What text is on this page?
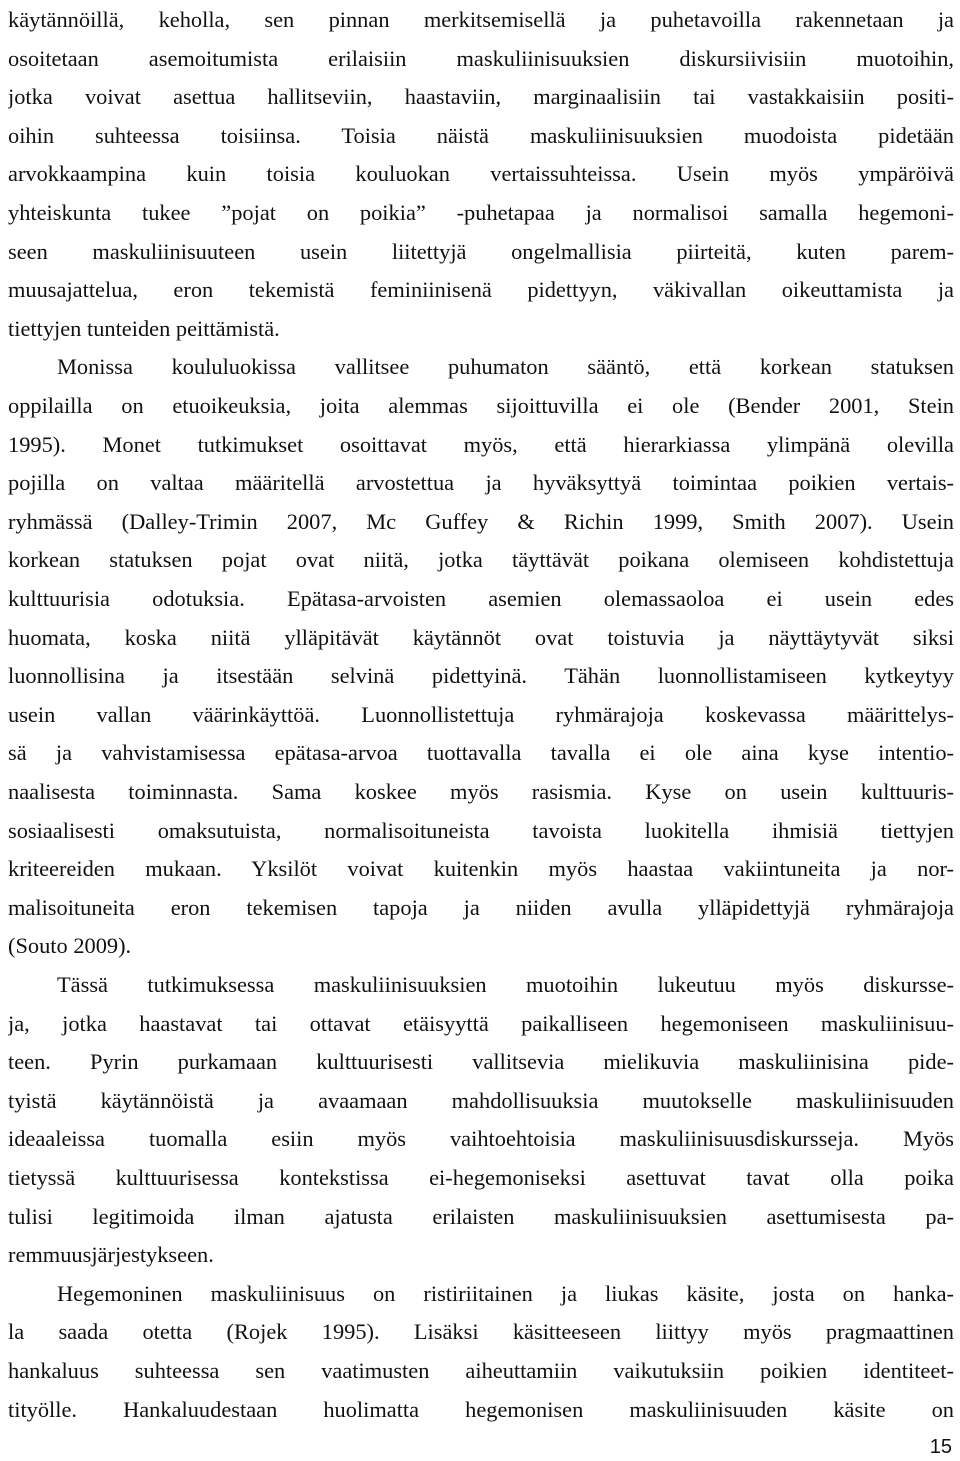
käytännöillä, keholla, sen pinnan merkitsemisellä ja puhetavoilla rakennetaan ja
osoitetaan asemoitumista erilaisiin maskuliinisuuksien diskursiivisiin muotoihin,
jotka voivat asettua hallitseviin, haastaviin, marginaalisiin tai vastakkaisiin positi-
oihin suhteessa toisiinsa. Toisia näistä maskuliinisuuksien muodoista pidetään
arvokkaampina kuin toisia kouluokan vertaissuhteissa. Usein myös ympäröivä
yhteiskunta tukee ”pojat on poikia” -puhetapaa ja normalisoi samalla hegemoni-
seen maskuliinisuuteen usein liitettyjä ongelmallisia piirteitä, kuten parem-
muusajattelua, eron tekemistä feminiinisenä pidettyyn, väkivallan oikeuttamista ja
tiettyjen tunteiden peittämistä.
Monissa koululuokissa vallitsee puhumaton sääntö, että korkean statuksen
oppilailla on etuoikeuksia, joita alemmas sijoittuvilla ei ole (Bender 2001, Stein
1995). Monet tutkimukset osoittavat myös, että hierarkiassa ylimpänä olevilla
pojilla on valtaa määritellä arvostettua ja hyväksyttyä toimintaa poikien vertais-
ryhmässä (Dalley-Trimin 2007, Mc Guffey & Richin 1999, Smith 2007). Usein
korkean statuksen pojat ovat niitä, jotka täyttävät poikana olemiseen kohdistettuja
kulttuurisia odotuksia. Epätasa-arvoisten asemien olemassaoloa ei usein edes
huomata, koska niitä ylläpitävät käytännöt ovat toistuvia ja näyttäytyvät siksi
luonnollisina ja itsestään selvinä pidettyinä. Tähän luonnollistamiseen kytkeytyy
usein vallan väärinkäyttöä. Luonnollistettuja ryhmärajoja koskevassa määrittelys-
sä ja vahvistamisessa epätasa-arvoa tuottavalla tavalla ei ole aina kyse intentio-
naalisesta toiminnasta. Sama koskee myös rasismia. Kyse on usein kulttuuris-
sosiaalisesti omaksutuista, normalisoituneista tavoista luokitella ihmisiä tiettyjen
kriteereiden mukaan. Yksilöt voivat kuitenkin myös haastaa vakiintuneita ja nor-
malisoituneita eron tekemisen tapoja ja niiden avulla ylläpidettyjä ryhmärajoja
(Souto 2009).
Tässä tutkimuksessa maskuliinisuuksien muotoihin lukeutuu myös diskursse-
ja, jotka haastavat tai ottavat etäisyyttä paikalliseen hegemoniseen maskuliinisuu-
teen. Pyrin purkamaan kulttuurisesti vallitsevia mielikuvia maskuliinisina pide-
tyistä käytännöistä ja avaamaan mahdollisuuksia muutokselle maskuliinisuuden
ideaaleissa tuomalla esiin myös vaihtoehtoisia maskuliinisuusdiskursseja. Myös
tietyssä kulttuurisessa kontekstissa ei-hegemoniseksi asettuvat tavat olla poika
tulisi legitimoida ilman ajatusta erilaisten maskuliinisuuksien asettumisesta pa-
remmuusjärjestykseen.
Hegemoninen maskuliinisuus on ristiriitainen ja liukas käsite, josta on hanka-
la saada otetta (Rojek 1995). Lisäksi käsitteeseen liittyy myös pragmaattinen
hankaluus suhteessa sen vaatimusten aiheuttamiin vaikutuksiin poikien identiteet-
tityölle. Hankaluudestaan huolimatta hegemonisen maskuliinisuuden käsite on
15
